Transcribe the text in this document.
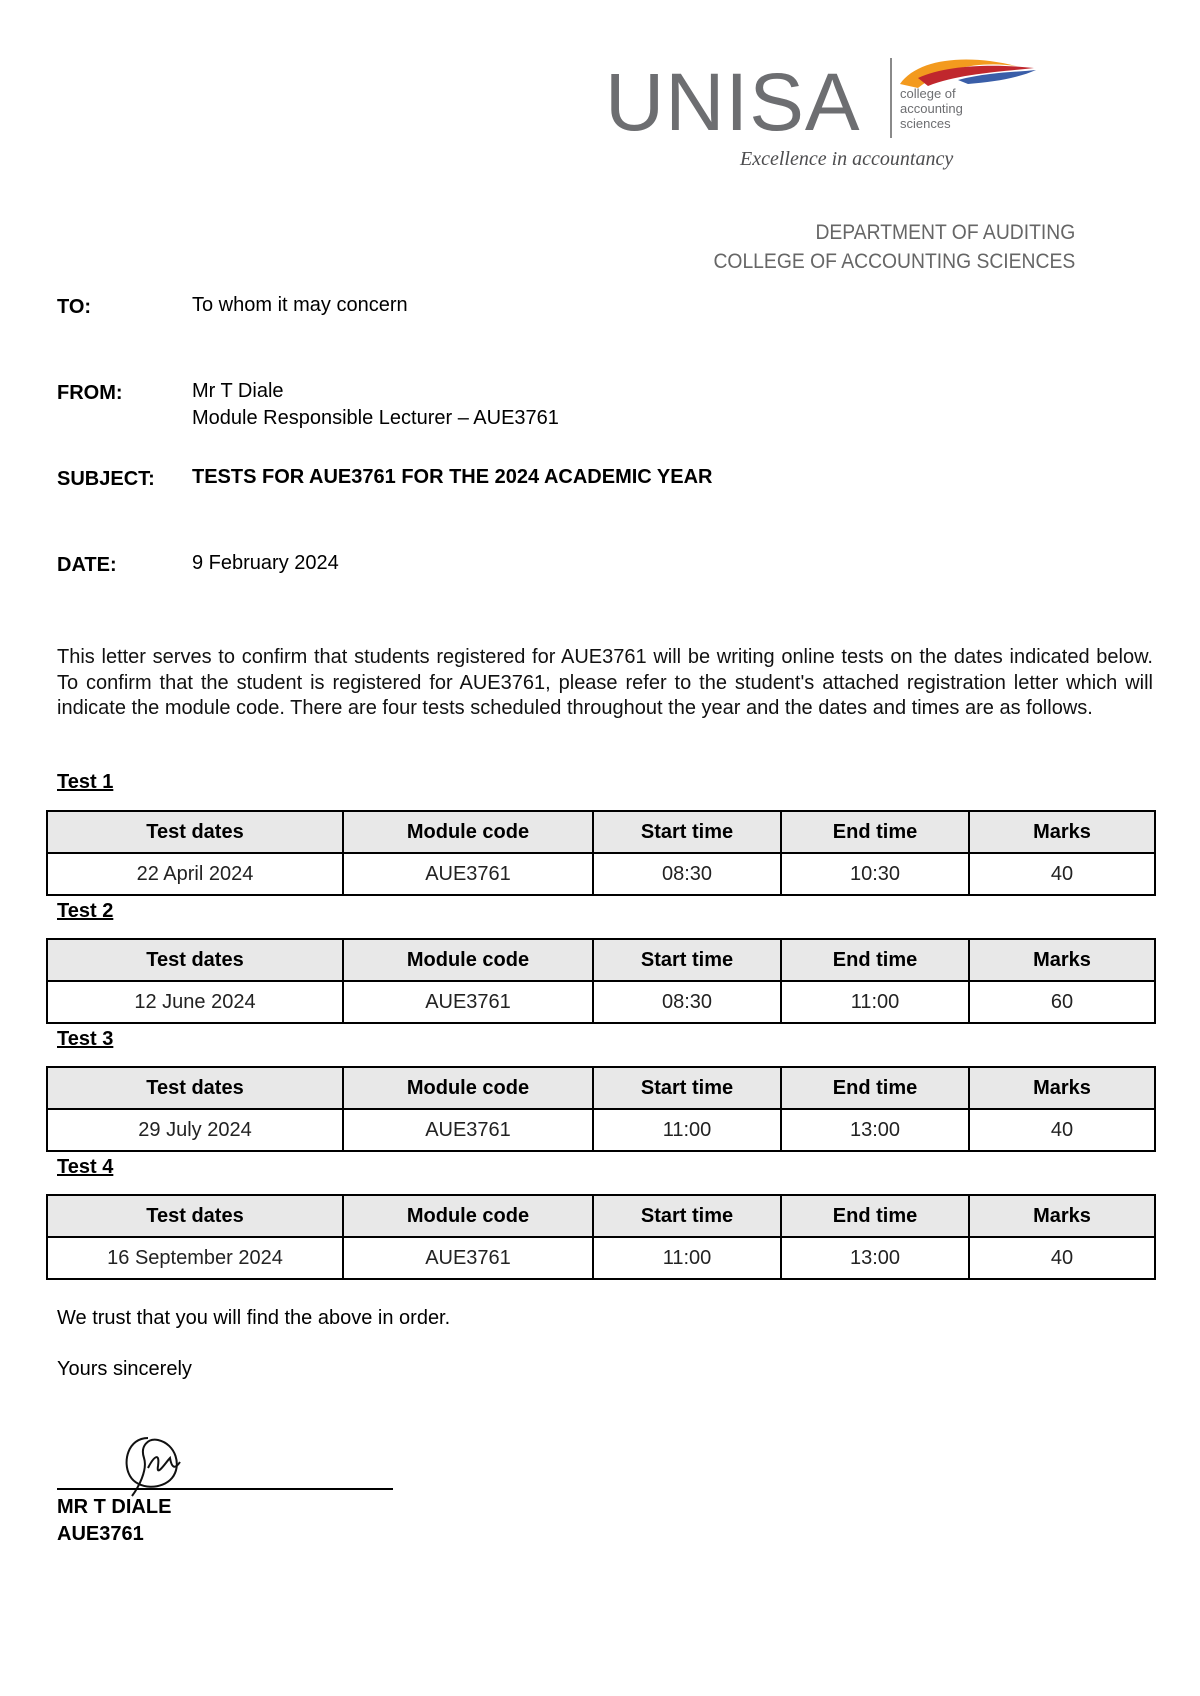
UNISA	college of
accounting
sciences
Excellence in accountancy
DEPARTMENT OF AUDITING
COLLEGE OF ACCOUNTING SCIENCES
TO:	To whom it may concern
FROM:	Mr T Diale
Module Responsible Lecturer – AUE3761
SUBJECT: TESTS FOR AUE3761 FOR THE 2024 ACADEMIC YEAR
DATE:	9 February 2024
This letter serves to confirm that students registered for AUE3761 will be writing online tests on the dates indicated below. To confirm that the student is registered for AUE3761, please refer to the student's attached registration letter which will indicate the module code. There are four tests scheduled throughout the year and the dates and times are as follows.
Test 1
Test dates	Module code	Start time	End time	Marks
22 April 2024	AUE3761	08:30	10:30	40
Test 2
Test dates	Module code	Start time	End time	Marks
12 June 2024	AUE3761	08:30	11:00	60
Test 3
Test dates	Module code	Start time	End time	Marks
29 July 2024	AUE3761	11:00	13:00	40
Test 4
Test dates	Module code	Start time	End time	Marks
16 September 2024	AUE3761	11:00	13:00	40
We trust that you will find the above in order.
Yours sincerely
MR T DIALE
AUE3761
